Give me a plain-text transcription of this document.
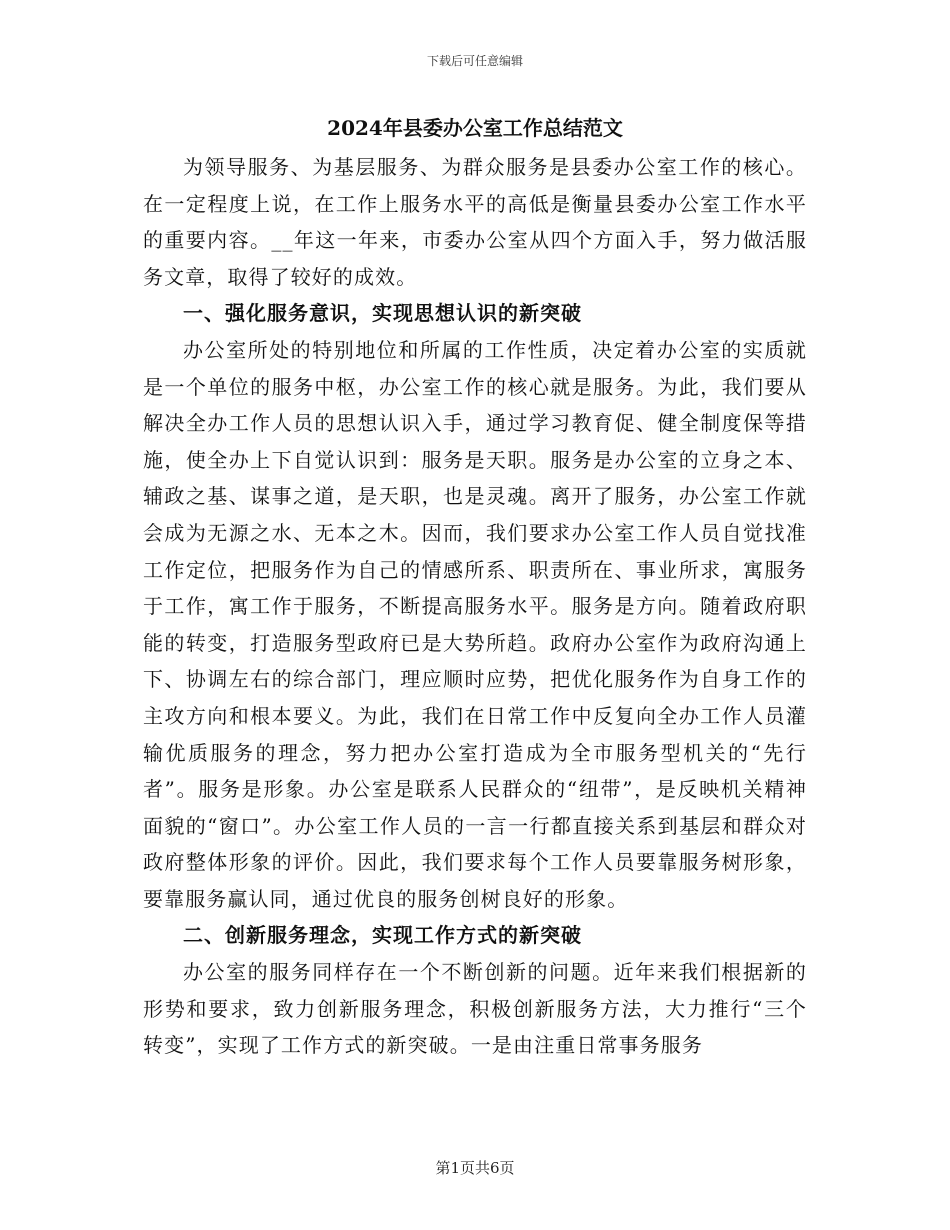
下载后可任意编辑
2024年县委办公室工作总结范文

为领导服务、为基层服务、为群众服务是县委办公室工作的核心。在一定程度上说，在工作上服务水平的高低是衡量县委办公室工作水平的重要内容。__年这一年来，市委办公室从四个方面入手，努力做活服务文章，取得了较好的成效。

一、强化服务意识，实现思想认识的新突破

办公室所处的特别地位和所属的工作性质，决定着办公室的实质就是一个单位的服务中枢，办公室工作的核心就是服务。为此，我们要从解决全办工作人员的思想认识入手，通过学习教育促、健全制度保等措施，使全办上下自觉认识到：服务是天职。服务是办公室的立身之本、辅政之基、谋事之道，是天职，也是灵魂。离开了服务，办公室工作就会成为无源之水、无本之木。因而，我们要求办公室工作人员自觉找准工作定位，把服务作为自己的情感所系、职责所在、事业所求，寓服务于工作，寓工作于服务，不断提高服务水平。服务是方向。随着政府职能的转变，打造服务型政府已是大势所趋。政府办公室作为政府沟通上下、协调左右的综合部门，理应顺时应势，把优化服务作为自身工作的主攻方向和根本要义。为此，我们在日常工作中反复向全办工作人员灌输优质服务的理念，努力把办公室打造成为全市服务型机关的“先行者”。服务是形象。办公室是联系人民群众的“纽带”，是反映机关精神面貌的“窗口”。办公室工作人员的一言一行都直接关系到基层和群众对政府整体形象的评价。因此，我们要求每个工作人员要靠服务树形象，要靠服务赢认同，通过优良的服务创树良好的形象。

二、创新服务理念，实现工作方式的新突破

办公室的服务同样存在一个不断创新的问题。近年来我们根据新的形势和要求，致力创新服务理念，积极创新服务方法，大力推行“三个转变”，实现了工作方式的新突破。一是由注重日常事务服务

第1页共6页
